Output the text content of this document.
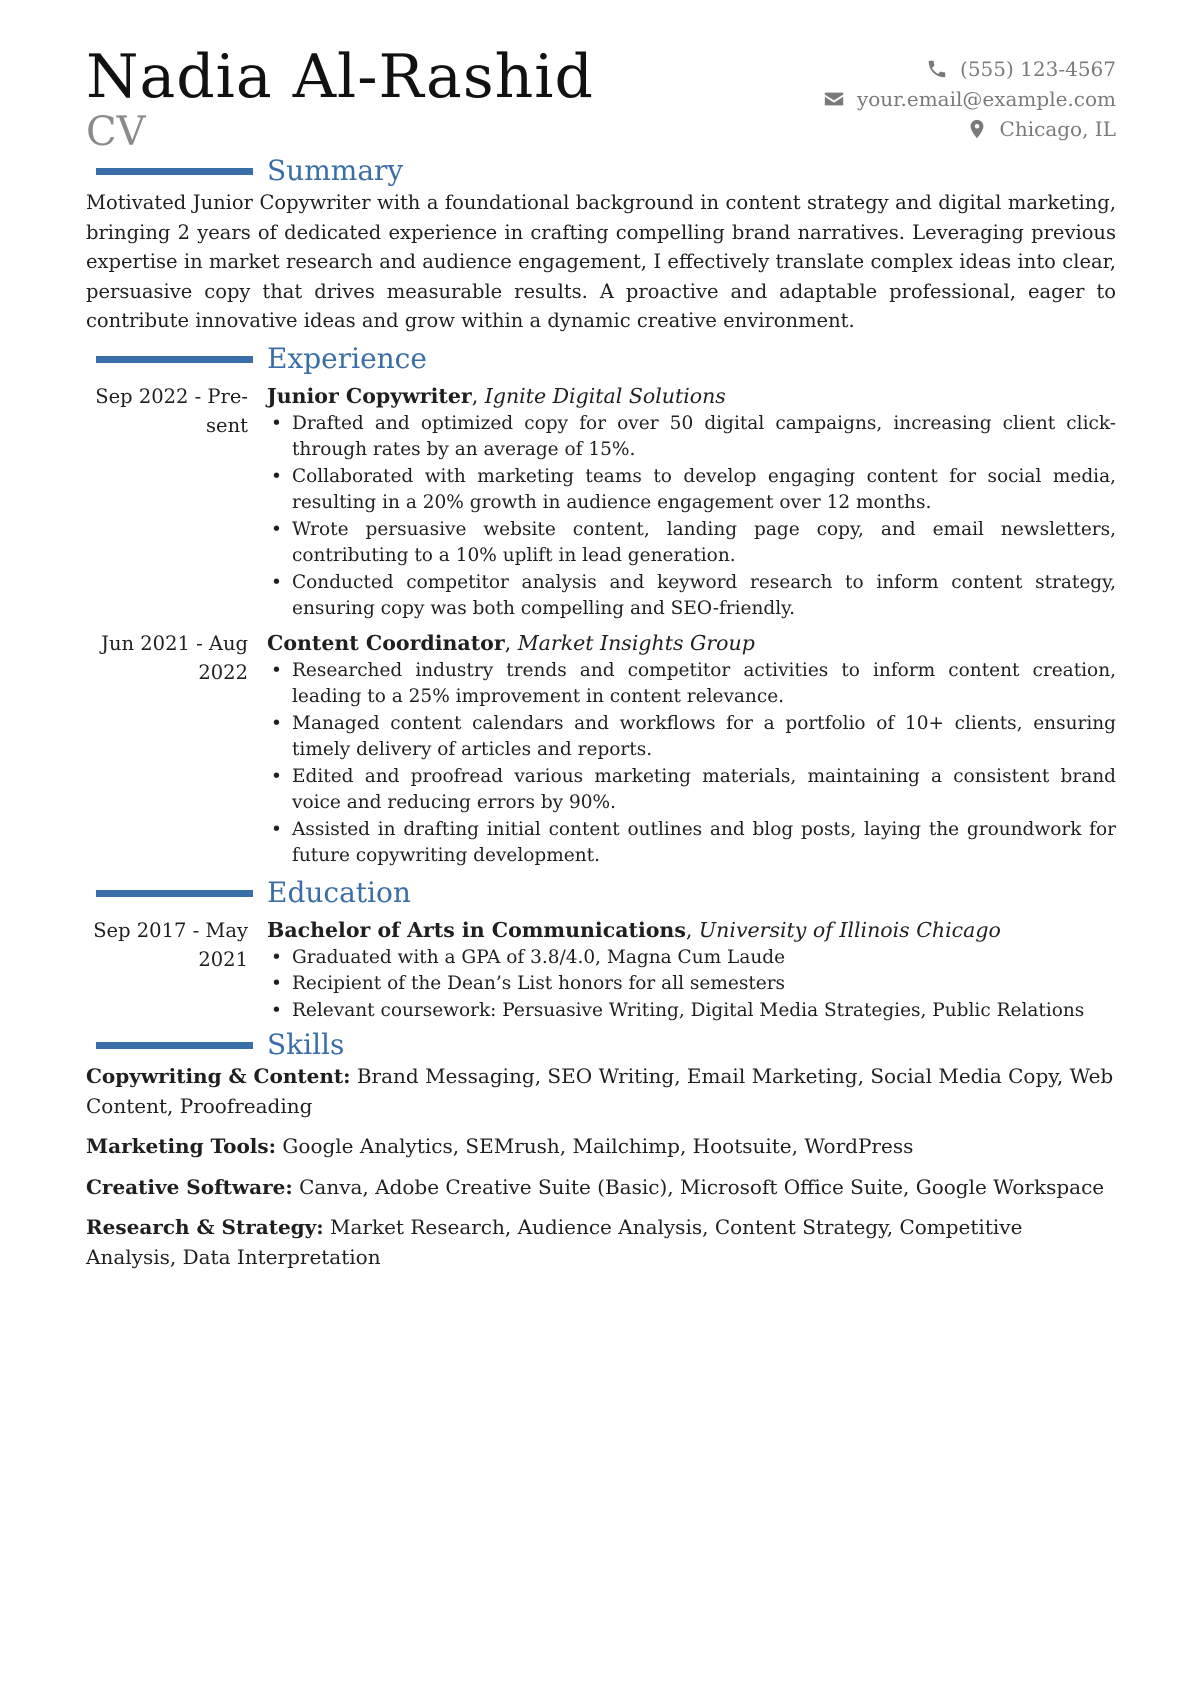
Nadia Al-Rashid
CV
(555) 123-4567
your.email@example.com
Chicago, IL
Summary

Motivated Junior Copywriter with a foundational background in content strategy and digital marketing, bringing 2 years of dedicated experience in crafting compelling brand narratives. Leveraging previous expertise in market research and audience engagement, I effectively translate complex ideas into clear, persuasive copy that drives measurable results. A proactive and adaptable professional, eager to contribute innovative ideas and grow within a dynamic creative environment.

Experience
Sep 2022 - Pre-
sent
Junior Copywriter, Ignite Digital Solutions
• Drafted and optimized copy for over 50 digital campaigns, increasing client click-through rates by an average of 15%.
• Collaborated with marketing teams to develop engaging content for social media, resulting in a 20% growth in audience engagement over 12 months.
• Wrote persuasive website content, landing page copy, and email newsletters, contributing to a 10% uplift in lead generation.
• Conducted competitor analysis and keyword research to inform content strategy, ensuring copy was both compelling and SEO-friendly.
Jun 2021 - Aug
2022
Content Coordinator, Market Insights Group
• Researched industry trends and competitor activities to inform content creation, leading to a 25% improvement in content relevance.
• Managed content calendars and workflows for a portfolio of 10+ clients, ensuring timely delivery of articles and reports.
• Edited and proofread various marketing materials, maintaining a consistent brand voice and reducing errors by 90%.
• Assisted in drafting initial content outlines and blog posts, laying the groundwork for future copywriting development.
Education
Sep 2017 - May
2021
Bachelor of Arts in Communications, University of Illinois Chicago
• Graduated with a GPA of 3.8/4.0, Magna Cum Laude
• Recipient of the Dean’s List honors for all semesters
• Relevant coursework: Persuasive Writing, Digital Media Strategies, Public Relations
Skills

Copywriting & Content: Brand Messaging, SEO Writing, Email Marketing, Social Media Copy, Web Content, Proofreading

Marketing Tools: Google Analytics, SEMrush, Mailchimp, Hootsuite, WordPress

Creative Software: Canva, Adobe Creative Suite (Basic), Microsoft Office Suite, Google Workspace

Research & Strategy: Market Research, Audience Analysis, Content Strategy, Competitive Analysis, Data Interpretation
